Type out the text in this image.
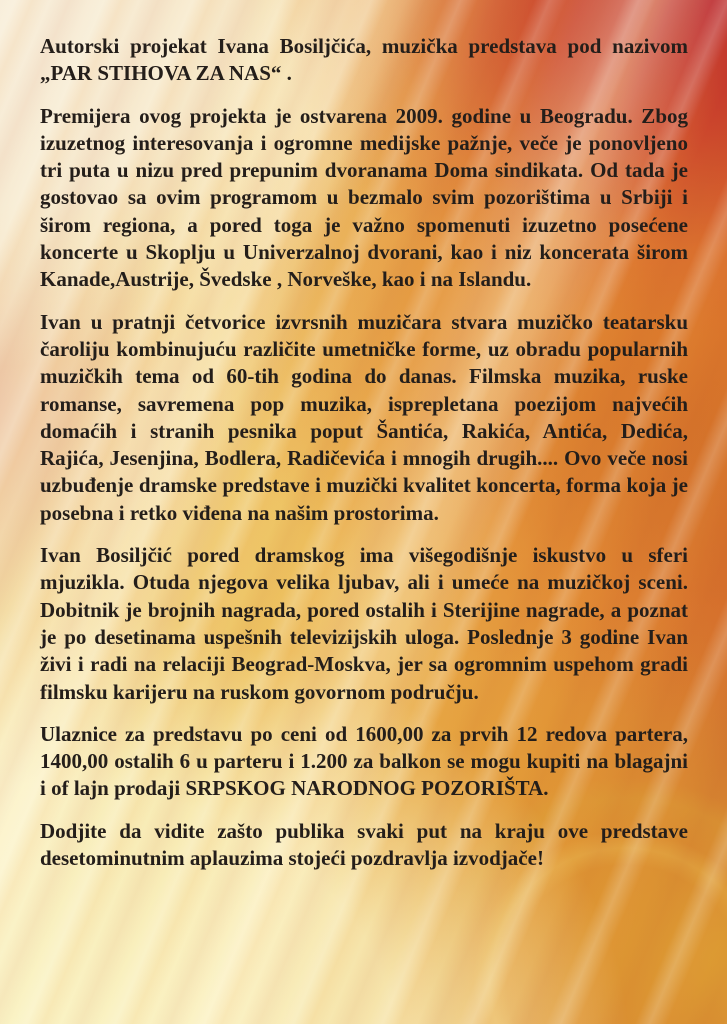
Autorski projekat Ivana Bosiljčića, muzička predstava pod nazivom „PAR STIHOVA ZA NAS“ .

Premijera ovog projekta je ostvarena 2009. godine u Beogradu. Zbog izuzetnog interesovanja i ogromne medijske pažnje, veče je ponovljeno tri puta u nizu pred prepunim dvoranama Doma sindikata. Od tada je gostovao sa ovim programom u bezmalo svim pozorištima u Srbiji i širom regiona, a pored toga je važno spomenuti izuzetno posećene koncerte u Skoplju u Univerzalnoj dvorani, kao i niz koncerata širom Kanade,Austrije, Švedske , Norveške, kao i na Islandu.

Ivan u pratnji četvorice izvrsnih muzičara stvara muzičko teatarsku čaroliju kombinujuću različite umetničke forme, uz obradu popularnih muzičkih tema od 60-tih godina do danas. Filmska muzika, ruske romanse, savremena pop muzika, isprepletana poezijom najvećih domaćih i stranih pesnika poput Šantića, Rakića, Antića, Dedića, Rajića, Jesenjina, Bodlera, Radičevića i mnogih drugih.... Ovo veče nosi uzbuđenje dramske predstave i muzički kvalitet koncerta, forma koja je posebna i retko viđena na našim prostorima.

Ivan Bosiljčić pored dramskog ima višegodišnje iskustvo u sferi mjuzikla. Otuda njegova velika ljubav, ali i umeće na muzičkoj sceni. Dobitnik je brojnih nagrada, pored ostalih i Sterijine nagrade, a poznat je po desetinama uspešnih televizijskih uloga. Poslednje 3 godine Ivan živi i radi na relaciji Beograd-Moskva, jer sa ogromnim uspehom gradi filmsku karijeru na ruskom govornom području.

Ulaznice za predstavu po ceni od 1600,00 za prvih 12 redova partera, 1400,00 ostalih 6 u parteru i 1.200 za balkon se mogu kupiti na blagajni i of lajn prodaji SRPSKOG NARODNOG POZORIŠTA.

Dodjite da vidite zašto publika svaki put na kraju ove predstave desetominutnim aplauzima stojeći pozdravlja izvodjače!
